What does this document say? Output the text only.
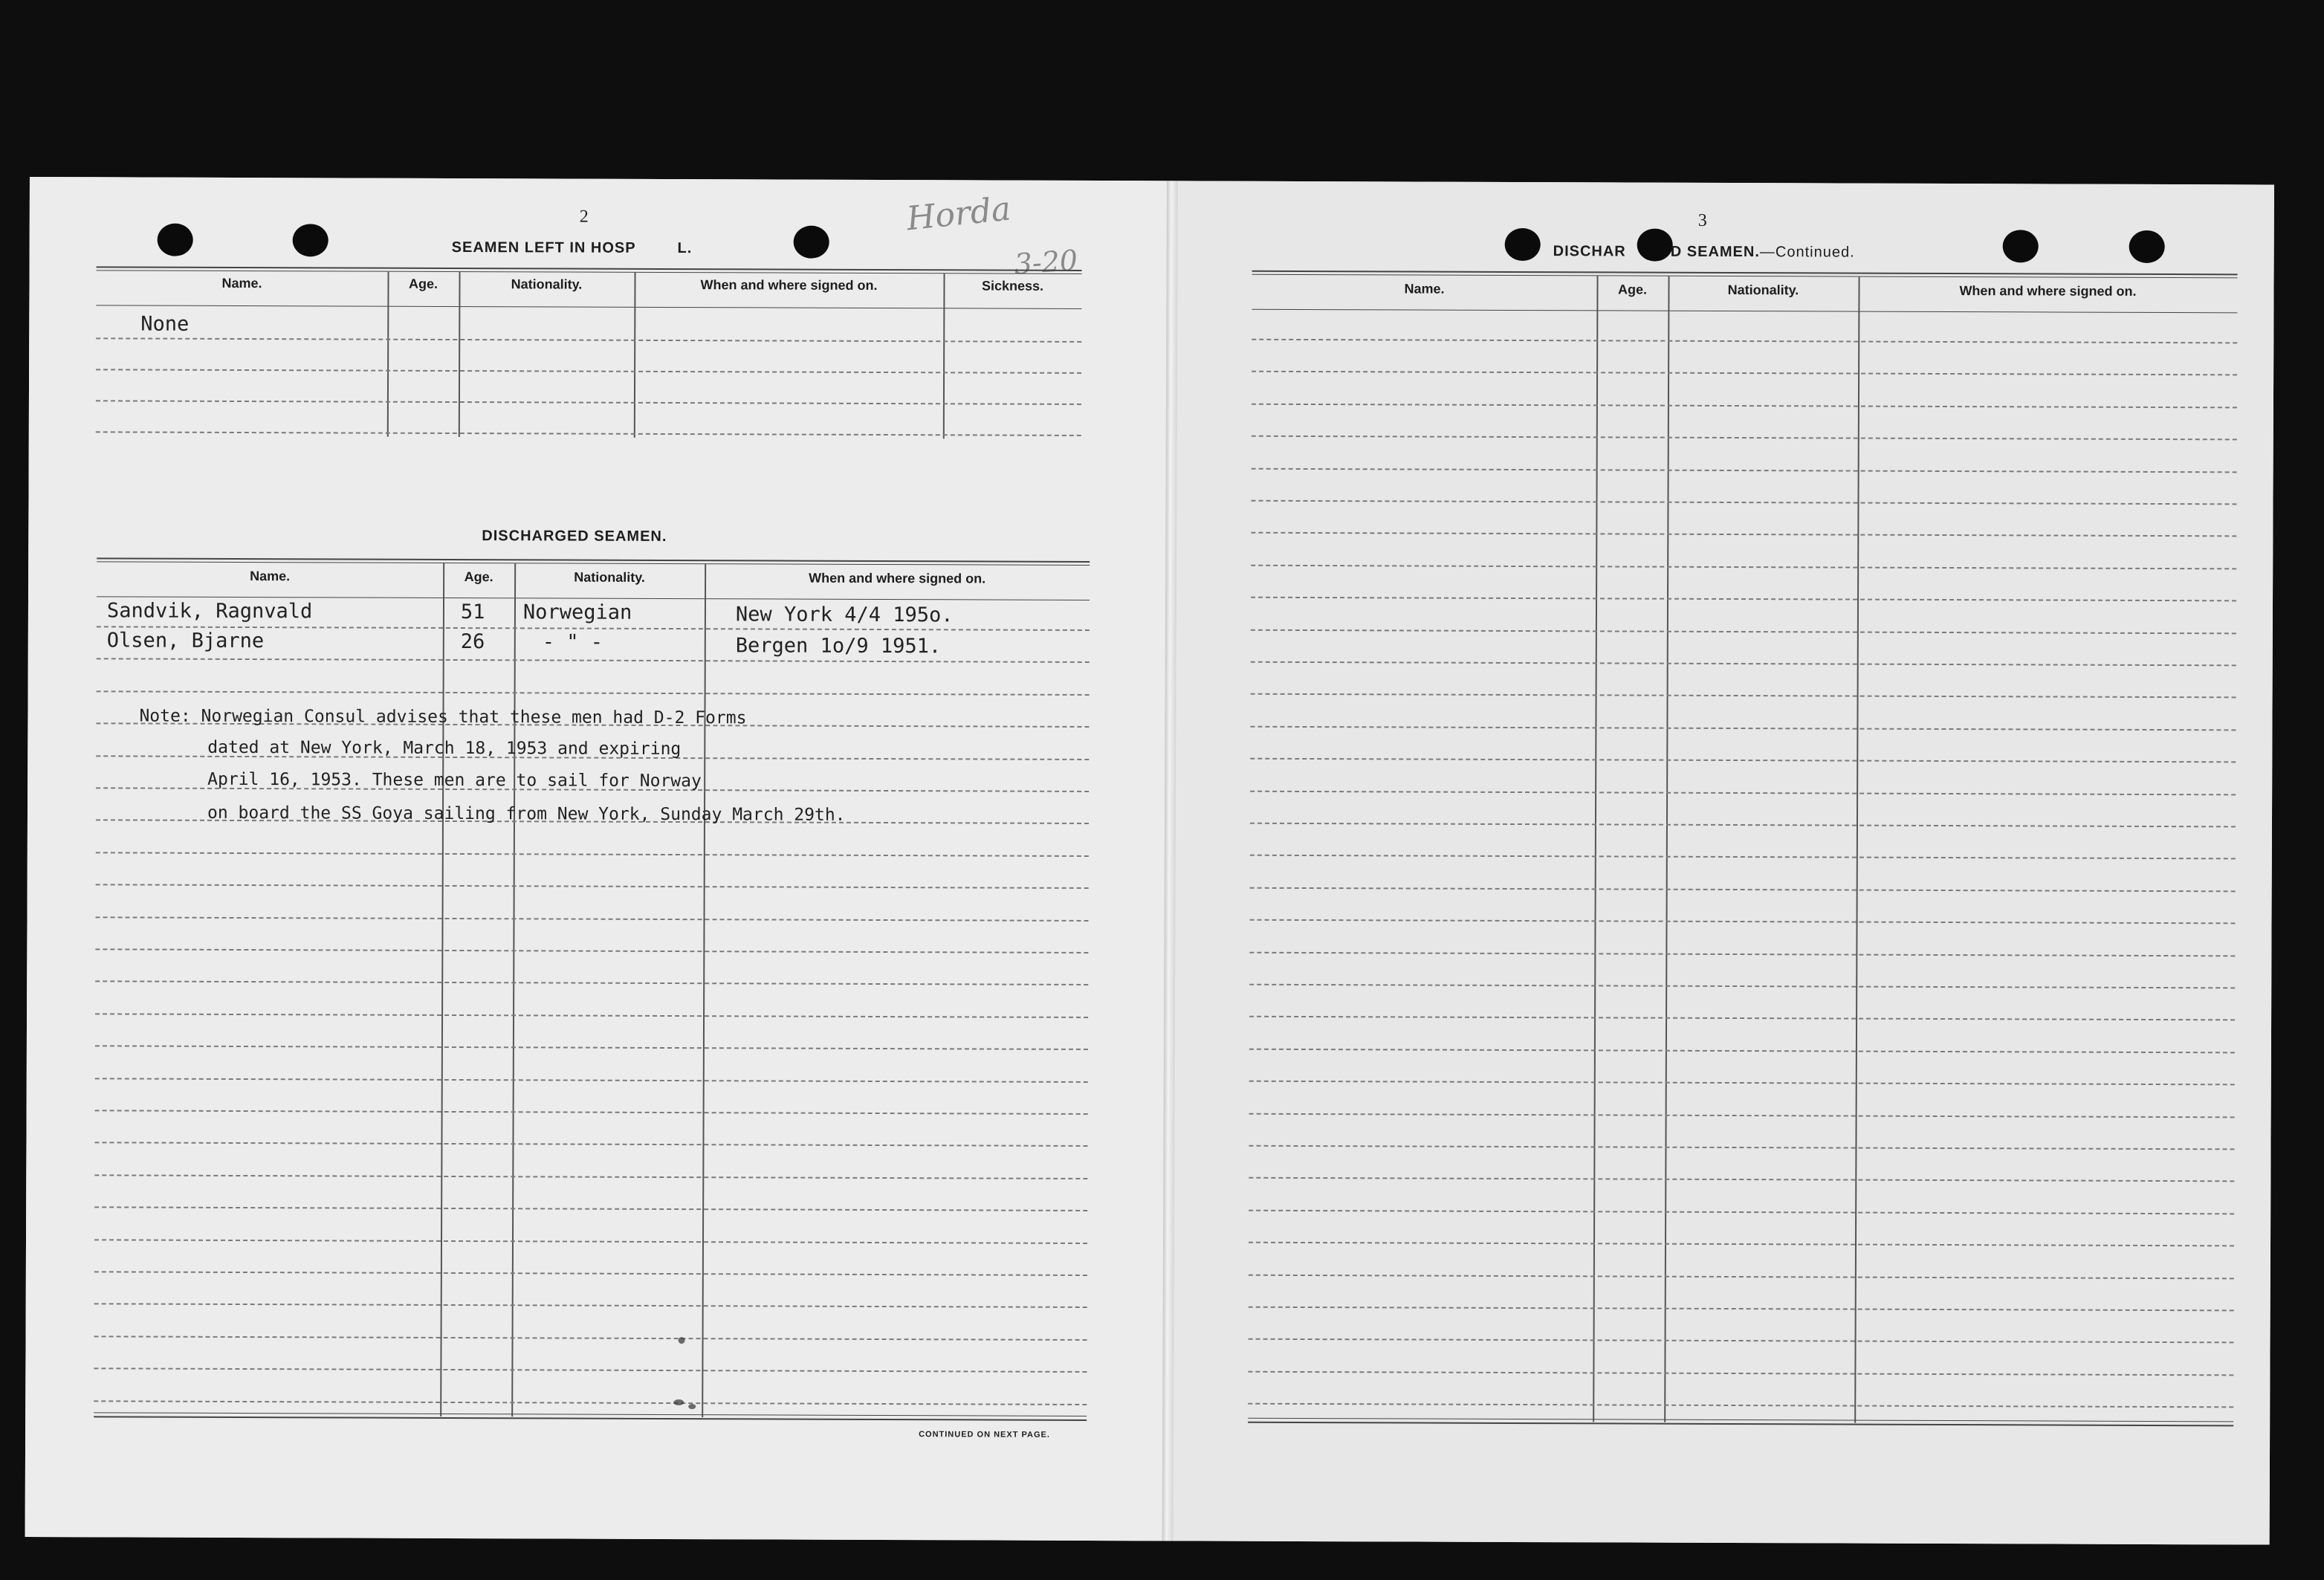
2
SEAMEN LEFT IN HOSP	L.
Horda
3-20
Name.	Age.	Nationality.	When and where signed on.	Sickness.
None
DISCHARGED SEAMEN.
Name.	Age.	Nationality.	When and where signed on.
Sandvik, Ragnvald	51 Norwegian	New York 4/4 195o.
Olsen, Bjarne	26	- " -	Bergen 1o/9 1951.
Note: Norwegian Consul advises that these men had D-2 Forms
dated at New York, March 18, 1953 and expiring
April 16, 1953. These men are to sail for Norway
on board the SS Goya sailing from New York, Sunday March 29th.
CONTINUED ON NEXT PAGE.
3
DISCHAR	D SEAMEN.—Continued.
Name.	Age.	Nationality.	When and where signed on.
